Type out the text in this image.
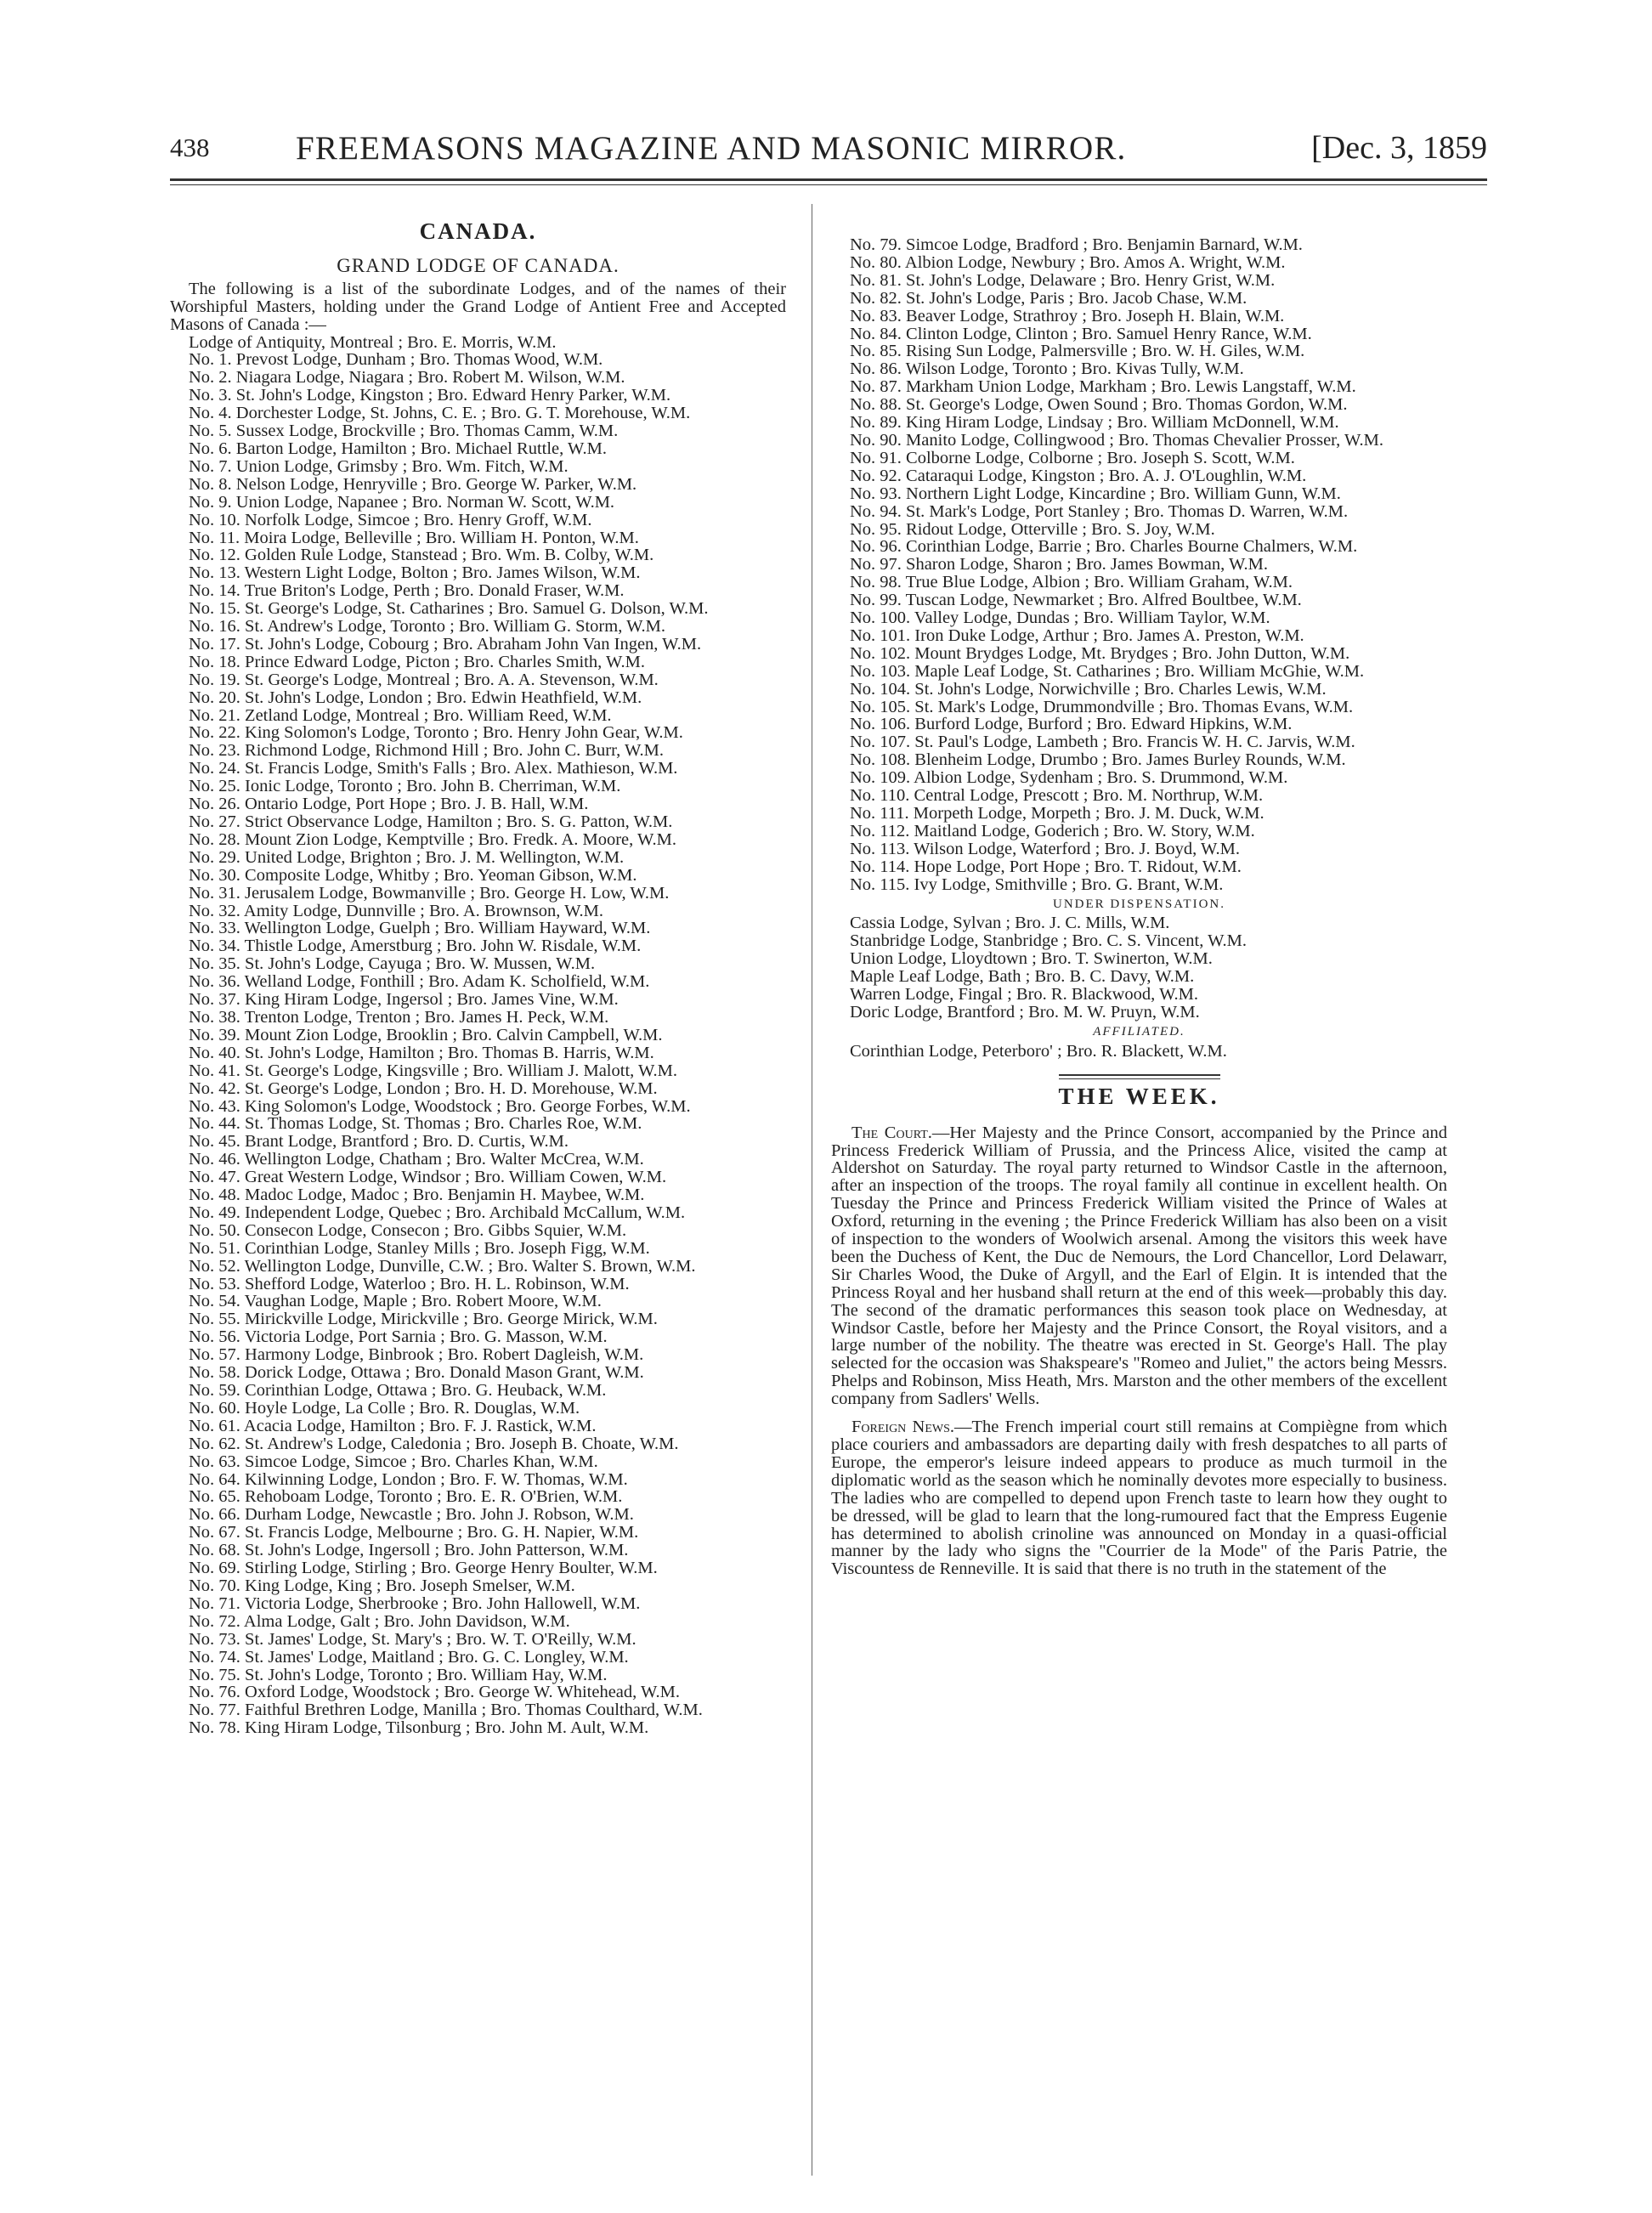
438	FREEMASONS MAGAZINE AND MASONIC MIRROR.	[Dec. 3, 1859
CANADA.
GRAND LODGE OF CANADA.

The following is a list of the subordinate Lodges, and of the names of their Worshipful Masters, holding under the Grand Lodge of Antient Free and Accepted Masons of Canada :—

Lodge of Antiquity, Montreal ; Bro. E. Morris, W.M.

No. 1. Prevost Lodge, Dunham ; Bro. Thomas Wood, W.M.

No. 2. Niagara Lodge, Niagara ; Bro. Robert M. Wilson, W.M.

No. 3. St. John's Lodge, Kingston ; Bro. Edward Henry Parker, W.M.

No. 4. Dorchester Lodge, St. Johns, C. E. ; Bro. G. T. Morehouse, W.M.

No. 5. Sussex Lodge, Brockville ; Bro. Thomas Camm, W.M.

No. 6. Barton Lodge, Hamilton ; Bro. Michael Ruttle, W.M.

No. 7. Union Lodge, Grimsby ; Bro. Wm. Fitch, W.M.

No. 8. Nelson Lodge, Henryville ; Bro. George W. Parker, W.M.

No. 9. Union Lodge, Napanee ; Bro. Norman W. Scott, W.M.

No. 10. Norfolk Lodge, Simcoe ; Bro. Henry Groff, W.M.

No. 11. Moira Lodge, Belleville ; Bro. William H. Ponton, W.M.

No. 12. Golden Rule Lodge, Stanstead ; Bro. Wm. B. Colby, W.M.

No. 13. Western Light Lodge, Bolton ; Bro. James Wilson, W.M.

No. 14. True Briton's Lodge, Perth ; Bro. Donald Fraser, W.M.

No. 15. St. George's Lodge, St. Catharines ; Bro. Samuel G. Dolson, W.M.

No. 16. St. Andrew's Lodge, Toronto ; Bro. William G. Storm, W.M.

No. 17. St. John's Lodge, Cobourg ; Bro. Abraham John Van Ingen, W.M.

No. 18. Prince Edward Lodge, Picton ; Bro. Charles Smith, W.M.

No. 19. St. George's Lodge, Montreal ; Bro. A. A. Stevenson, W.M.

No. 20. St. John's Lodge, London ; Bro. Edwin Heathfield, W.M.

No. 21. Zetland Lodge, Montreal ; Bro. William Reed, W.M.

No. 22. King Solomon's Lodge, Toronto ; Bro. Henry John Gear, W.M.

No. 23. Richmond Lodge, Richmond Hill ; Bro. John C. Burr, W.M.

No. 24. St. Francis Lodge, Smith's Falls ; Bro. Alex. Mathieson, W.M.

No. 25. Ionic Lodge, Toronto ; Bro. John B. Cherriman, W.M.

No. 26. Ontario Lodge, Port Hope ; Bro. J. B. Hall, W.M.

No. 27. Strict Observance Lodge, Hamilton ; Bro. S. G. Patton, W.M.

No. 28. Mount Zion Lodge, Kemptville ; Bro. Fredk. A. Moore, W.M.

No. 29. United Lodge, Brighton ; Bro. J. M. Wellington, W.M.

No. 30. Composite Lodge, Whitby ; Bro. Yeoman Gibson, W.M.

No. 31. Jerusalem Lodge, Bowmanville ; Bro. George H. Low, W.M.

No. 32. Amity Lodge, Dunnville ; Bro. A. Brownson, W.M.

No. 33. Wellington Lodge, Guelph ; Bro. William Hayward, W.M.

No. 34. Thistle Lodge, Amerstburg ; Bro. John W. Risdale, W.M.

No. 35. St. John's Lodge, Cayuga ; Bro. W. Mussen, W.M.

No. 36. Welland Lodge, Fonthill ; Bro. Adam K. Scholfield, W.M.

No. 37. King Hiram Lodge, Ingersol ; Bro. James Vine, W.M.

No. 38. Trenton Lodge, Trenton ; Bro. James H. Peck, W.M.

No. 39. Mount Zion Lodge, Brooklin ; Bro. Calvin Campbell, W.M.

No. 40. St. John's Lodge, Hamilton ; Bro. Thomas B. Harris, W.M.

No. 41. St. George's Lodge, Kingsville ; Bro. William J. Malott, W.M.

No. 42. St. George's Lodge, London ; Bro. H. D. Morehouse, W.M.

No. 43. King Solomon's Lodge, Woodstock ; Bro. George Forbes, W.M.

No. 44. St. Thomas Lodge, St. Thomas ; Bro. Charles Roe, W.M.

No. 45. Brant Lodge, Brantford ; Bro. D. Curtis, W.M.

No. 46. Wellington Lodge, Chatham ; Bro. Walter McCrea, W.M.

No. 47. Great Western Lodge, Windsor ; Bro. William Cowen, W.M.

No. 48. Madoc Lodge, Madoc ; Bro. Benjamin H. Maybee, W.M.

No. 49. Independent Lodge, Quebec ; Bro. Archibald McCallum, W.M.

No. 50. Consecon Lodge, Consecon ; Bro. Gibbs Squier, W.M.

No. 51. Corinthian Lodge, Stanley Mills ; Bro. Joseph Figg, W.M.

No. 52. Wellington Lodge, Dunville, C.W. ; Bro. Walter S. Brown, W.M.

No. 53. Shefford Lodge, Waterloo ; Bro. H. L. Robinson, W.M.

No. 54. Vaughan Lodge, Maple ; Bro. Robert Moore, W.M.

No. 55. Mirickville Lodge, Mirickville ; Bro. George Mirick, W.M.

No. 56. Victoria Lodge, Port Sarnia ; Bro. G. Masson, W.M.

No. 57. Harmony Lodge, Binbrook ; Bro. Robert Dagleish, W.M.

No. 58. Dorick Lodge, Ottawa ; Bro. Donald Mason Grant, W.M.

No. 59. Corinthian Lodge, Ottawa ; Bro. G. Heuback, W.M.

No. 60. Hoyle Lodge, La Colle ; Bro. R. Douglas, W.M.

No. 61. Acacia Lodge, Hamilton ; Bro. F. J. Rastick, W.M.

No. 62. St. Andrew's Lodge, Caledonia ; Bro. Joseph B. Choate, W.M.

No. 63. Simcoe Lodge, Simcoe ; Bro. Charles Khan, W.M.

No. 64. Kilwinning Lodge, London ; Bro. F. W. Thomas, W.M.

No. 65. Rehoboam Lodge, Toronto ; Bro. E. R. O'Brien, W.M.

No. 66. Durham Lodge, Newcastle ; Bro. John J. Robson, W.M.

No. 67. St. Francis Lodge, Melbourne ; Bro. G. H. Napier, W.M.

No. 68. St. John's Lodge, Ingersoll ; Bro. John Patterson, W.M.

No. 69. Stirling Lodge, Stirling ; Bro. George Henry Boulter, W.M.

No. 70. King Lodge, King ; Bro. Joseph Smelser, W.M.

No. 71. Victoria Lodge, Sherbrooke ; Bro. John Hallowell, W.M.

No. 72. Alma Lodge, Galt ; Bro. John Davidson, W.M.

No. 73. St. James' Lodge, St. Mary's ; Bro. W. T. O'Reilly, W.M.

No. 74. St. James' Lodge, Maitland ; Bro. G. C. Longley, W.M.

No. 75. St. John's Lodge, Toronto ; Bro. William Hay, W.M.

No. 76. Oxford Lodge, Woodstock ; Bro. George W. Whitehead, W.M.

No. 77. Faithful Brethren Lodge, Manilla ; Bro. Thomas Coulthard, W.M.

No. 78. King Hiram Lodge, Tilsonburg ; Bro. John M. Ault, W.M.

No. 79. Simcoe Lodge, Bradford ; Bro. Benjamin Barnard, W.M.

No. 80. Albion Lodge, Newbury ; Bro. Amos A. Wright, W.M.

No. 81. St. John's Lodge, Delaware ; Bro. Henry Grist, W.M.

No. 82. St. John's Lodge, Paris ; Bro. Jacob Chase, W.M.

No. 83. Beaver Lodge, Strathroy ; Bro. Joseph H. Blain, W.M.

No. 84. Clinton Lodge, Clinton ; Bro. Samuel Henry Rance, W.M.

No. 85. Rising Sun Lodge, Palmersville ; Bro. W. H. Giles, W.M.

No. 86. Wilson Lodge, Toronto ; Bro. Kivas Tully, W.M.

No. 87. Markham Union Lodge, Markham ; Bro. Lewis Langstaff, W.M.

No. 88. St. George's Lodge, Owen Sound ; Bro. Thomas Gordon, W.M.

No. 89. King Hiram Lodge, Lindsay ; Bro. William McDonnell, W.M.

No. 90. Manito Lodge, Collingwood ; Bro. Thomas Chevalier Prosser, W.M.

No. 91. Colborne Lodge, Colborne ; Bro. Joseph S. Scott, W.M.

No. 92. Cataraqui Lodge, Kingston ; Bro. A. J. O'Loughlin, W.M.

No. 93. Northern Light Lodge, Kincardine ; Bro. William Gunn, W.M.

No. 94. St. Mark's Lodge, Port Stanley ; Bro. Thomas D. Warren, W.M.

No. 95. Ridout Lodge, Otterville ; Bro. S. Joy, W.M.

No. 96. Corinthian Lodge, Barrie ; Bro. Charles Bourne Chalmers, W.M.

No. 97. Sharon Lodge, Sharon ; Bro. James Bowman, W.M.

No. 98. True Blue Lodge, Albion ; Bro. William Graham, W.M.

No. 99. Tuscan Lodge, Newmarket ; Bro. Alfred Boultbee, W.M.

No. 100. Valley Lodge, Dundas ; Bro. William Taylor, W.M.

No. 101. Iron Duke Lodge, Arthur ; Bro. James A. Preston, W.M.

No. 102. Mount Brydges Lodge, Mt. Brydges ; Bro. John Dutton, W.M.

No. 103. Maple Leaf Lodge, St. Catharines ; Bro. William McGhie, W.M.

No. 104. St. John's Lodge, Norwichville ; Bro. Charles Lewis, W.M.

No. 105. St. Mark's Lodge, Drummondville ; Bro. Thomas Evans, W.M.

No. 106. Burford Lodge, Burford ; Bro. Edward Hipkins, W.M.

No. 107. St. Paul's Lodge, Lambeth ; Bro. Francis W. H. C. Jarvis, W.M.

No. 108. Blenheim Lodge, Drumbo ; Bro. James Burley Rounds, W.M.

No. 109. Albion Lodge, Sydenham ; Bro. S. Drummond, W.M.

No. 110. Central Lodge, Prescott ; Bro. M. Northrup, W.M.

No. 111. Morpeth Lodge, Morpeth ; Bro. J. M. Duck, W.M.

No. 112. Maitland Lodge, Goderich ; Bro. W. Story, W.M.

No. 113. Wilson Lodge, Waterford ; Bro. J. Boyd, W.M.

No. 114. Hope Lodge, Port Hope ; Bro. T. Ridout, W.M.

No. 115. Ivy Lodge, Smithville ; Bro. G. Brant, W.M.

UNDER DISPENSATION.

Cassia Lodge, Sylvan ; Bro. J. C. Mills, W.M.

Stanbridge Lodge, Stanbridge ; Bro. C. S. Vincent, W.M.

Union Lodge, Lloydtown ; Bro. T. Swinerton, W.M.

Maple Leaf Lodge, Bath ; Bro. B. C. Davy, W.M.

Warren Lodge, Fingal ; Bro. R. Blackwood, W.M.

Doric Lodge, Brantford ; Bro. M. W. Pruyn, W.M.

AFFILIATED.

Corinthian Lodge, Peterboro' ; Bro. R. Blackett, W.M.

THE WEEK.

The Court.—Her Majesty and the Prince Consort, accompanied by the Prince and Princess Frederick William of Prussia, and the Princess Alice, visited the camp at Aldershot on Saturday. The royal party returned to Windsor Castle in the afternoon, after an inspection of the troops. The royal family all continue in excellent health. On Tuesday the Prince and Princess Frederick William visited the Prince of Wales at Oxford, returning in the evening ; the Prince Frederick William has also been on a visit of inspection to the wonders of Woolwich arsenal. Among the visitors this week have been the Duchess of Kent, the Duc de Nemours, the Lord Chancellor, Lord Delawarr, Sir Charles Wood, the Duke of Argyll, and the Earl of Elgin. It is intended that the Princess Royal and her husband shall return at the end of this week—probably this day. The second of the dramatic performances this season took place on Wednesday, at Windsor Castle, before her Majesty and the Prince Consort, the Royal visitors, and a large number of the nobility. The theatre was erected in St. George's Hall. The play selected for the occasion was Shakspeare's "Romeo and Juliet," the actors being Messrs. Phelps and Robinson, Miss Heath, Mrs. Marston and the other members of the excellent company from Sadlers' Wells.

Foreign News.—The French imperial court still remains at Compiègne from which place couriers and ambassadors are departing daily with fresh despatches to all parts of Europe, the emperor's leisure indeed appears to produce as much turmoil in the diplomatic world as the season which he nominally devotes more especially to business. The ladies who are compelled to depend upon French taste to learn how they ought to be dressed, will be glad to learn that the long-rumoured fact that the Empress Eugenie has determined to abolish crinoline was announced on Monday in a quasi-official manner by the lady who signs the "Courrier de la Mode" of the Paris Patrie, the Viscountess de Renneville. It is said that there is no truth in the statement of the
